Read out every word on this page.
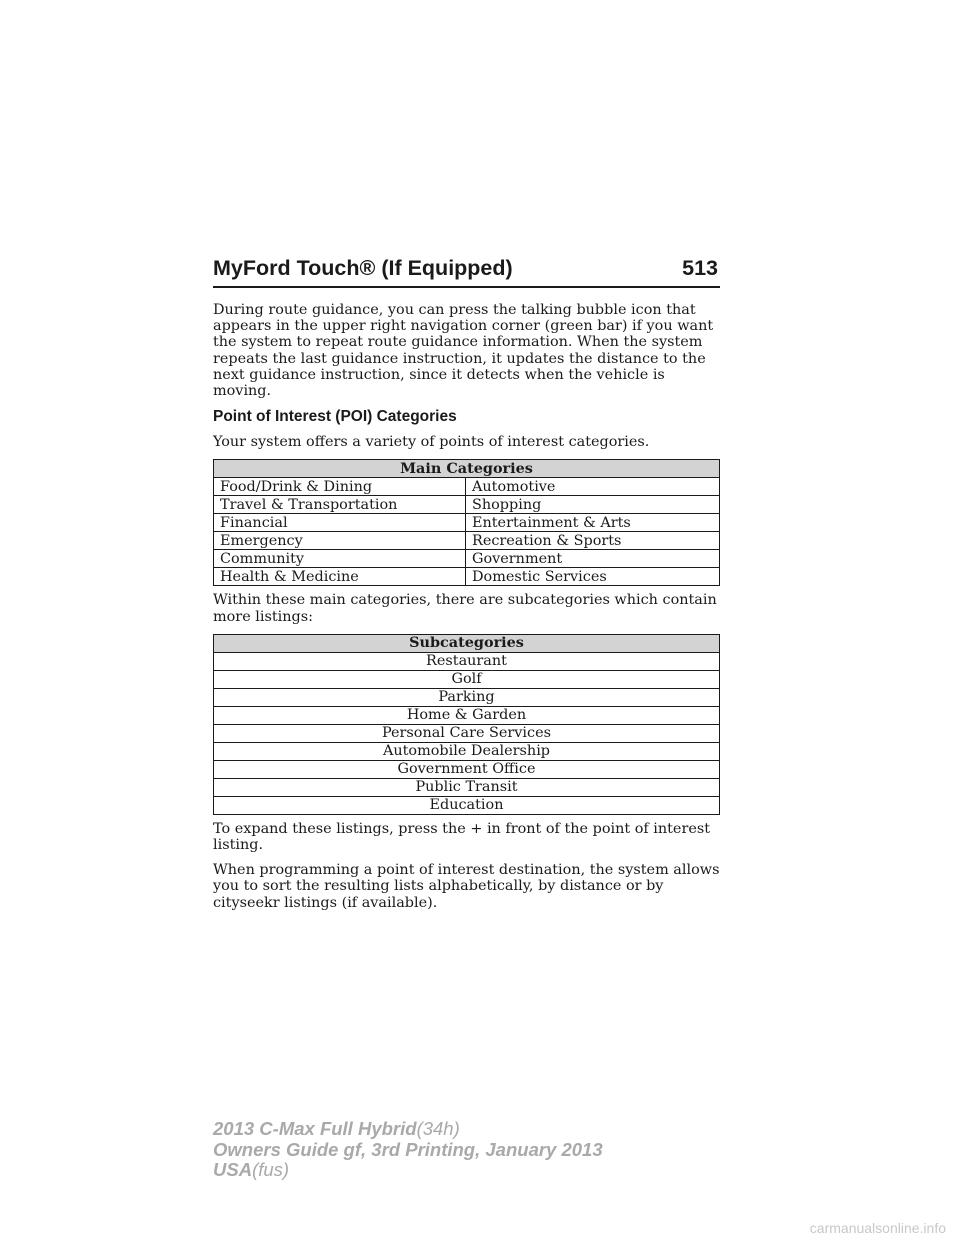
MyFord Touch® (If Equipped)	513

During route guidance, you can press the talking bubble icon that appears in the upper right navigation corner (green bar) if you want the system to repeat route guidance information. When the system repeats the last guidance instruction, it updates the distance to the next guidance instruction, since it detects when the vehicle is moving.

Point of Interest (POI) Categories

Your system offers a variety of points of interest categories.

Main Categories	
Food/Drink & Dining	Automotive
Travel & Transportation	Shopping
Financial	Entertainment & Arts
Emergency	Recreation & Sports
Community	Government
Health & Medicine	Domestic Services

Within these main categories, there are subcategories which contain more listings:

Subcategories
Restaurant
Golf
Parking
Home & Garden
Personal Care Services
Automobile Dealership
Government Office
Public Transit
Education

To expand these listings, press the + in front of the point of interest listing.

When programming a point of interest destination, the system allows you to sort the resulting lists alphabetically, by distance or by cityseekr listings (if available).

2013 C-Max Full Hybrid(34h)
Owners Guide gf, 3rd Printing, January 2013
USA(fus)
carmanualsonline.info
